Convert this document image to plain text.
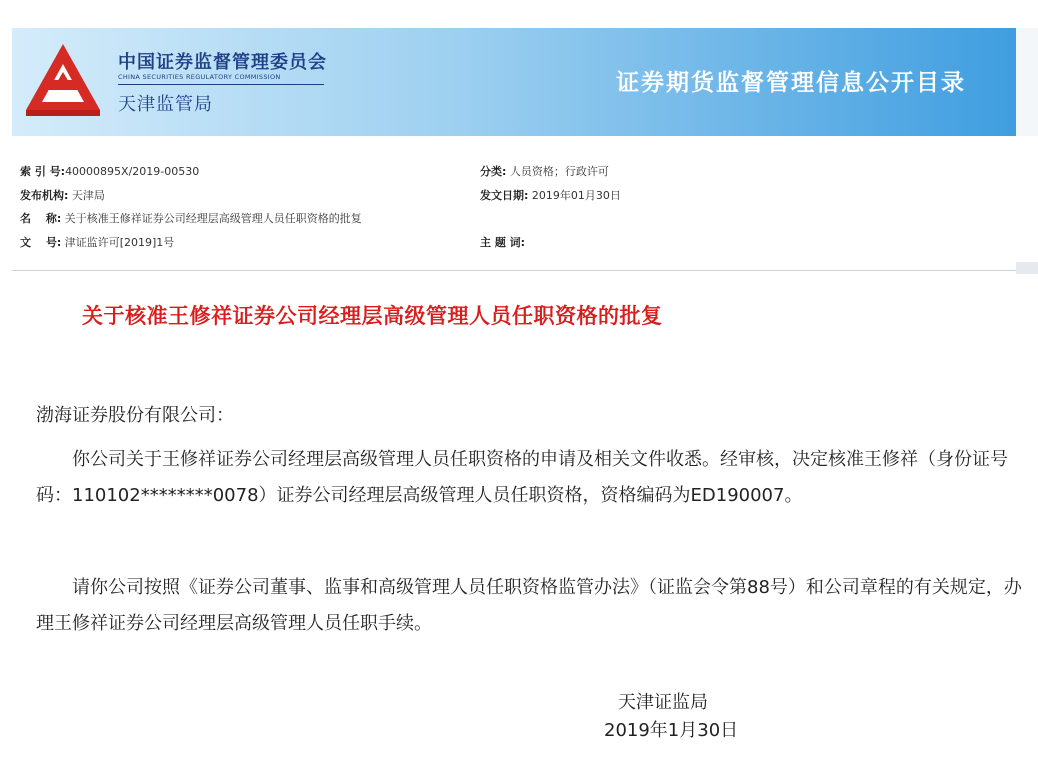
中国证券监督管理委员会
CHINA SECURITIES REGULATORY COMMISSION
天津监管局
证券期货监督管理信息公开目录
索 引 号:40000895X/2019-00530
发布机构: 天津局
名　 称: 关于核准王修祥证券公司经理层高级管理人员任职资格的批复
文　 号: 津证监许可[2019]1号
分类: 人员资格；行政许可
发文日期: 2019年01月30日
主 题 词:
关于核准王修祥证券公司经理层高级管理人员任职资格的批复

渤海证券股份有限公司：

　　你公司关于王修祥证券公司经理层高级管理人员任职资格的申请及相关文件收悉。经审核，决定核准王修祥（身份证号码：110102********0078）证券公司经理层高级管理人员任职资格，资格编码为ED190007。

　　请你公司按照《证券公司董事、监事和高级管理人员任职资格监管办法》（证监会令第88号）和公司章程的有关规定，办理王修祥证券公司经理层高级管理人员任职手续。

天津证监局
2019年1月30日
